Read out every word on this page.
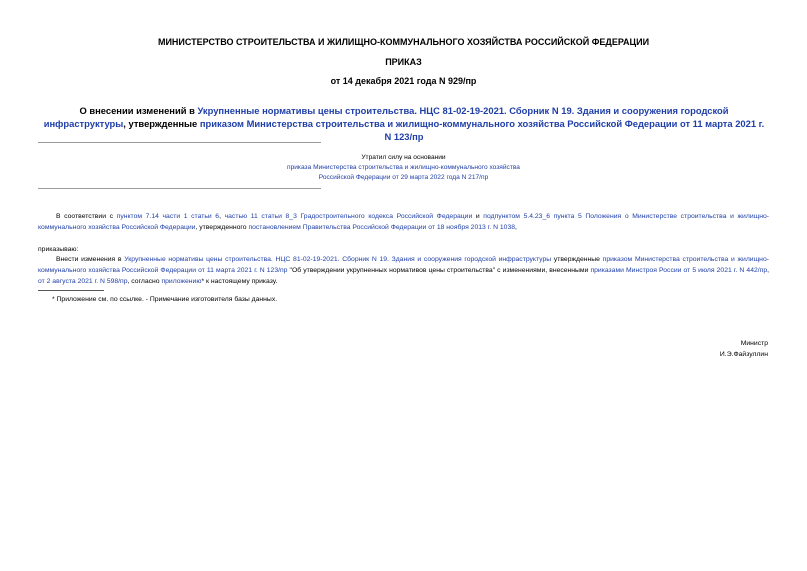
МИНИСТЕРСТВО СТРОИТЕЛЬСТВА И ЖИЛИЩНО-КОММУНАЛЬНОГО ХОЗЯЙСТВА РОССИЙСКОЙ ФЕДЕРАЦИИ
ПРИКАЗ
от 14 декабря 2021 года N 929/пр
О внесении изменений в Укрупненные нормативы цены строительства. НЦС 81-02-19-2021. Сборник N 19. Здания и сооружения городской инфраструктуры, утвержденные приказом Министерства строительства и жилищно-коммунального хозяйства Российской Федерации от 11 марта 2021 г. N 123/пр
Утратил силу на основании
приказа Министерства строительства и жилищно-коммунального хозяйства
Российской Федерации от 29 марта 2022 года N 217/пр
В соответствии с пунктом 7.14 части 1 статьи 6, частью 11 статьи 8_3 Градостроительного кодекса Российской Федерации и подпунктом 5.4.23_6 пункта 5 Положения о Министерстве строительства и жилищно-коммунального хозяйства Российской Федерации, утвержденного постановлением Правительства Российской Федерации от 18 ноября 2013 г. N 1038,
приказываю:
Внести изменения в Укрупненные нормативы цены строительства. НЦС 81-02-19-2021. Сборник N 19. Здания и сооружения городской инфраструктуры утвержденные приказом Министерства строительства и жилищно-коммунального хозяйства Российской Федерации от 11 марта 2021 г. N 123/пр "Об утверждении укрупненных нормативов цены строительства" с изменениями, внесенными приказами Минстроя России от 5 июля 2021 г. N 442/пр, от 2 августа 2021 г. N 598/пр, согласно приложению* к настоящему приказу.
* Приложение см. по ссылке. - Примечание изготовителя базы данных.
Министр
И.Э.Файзуллин
